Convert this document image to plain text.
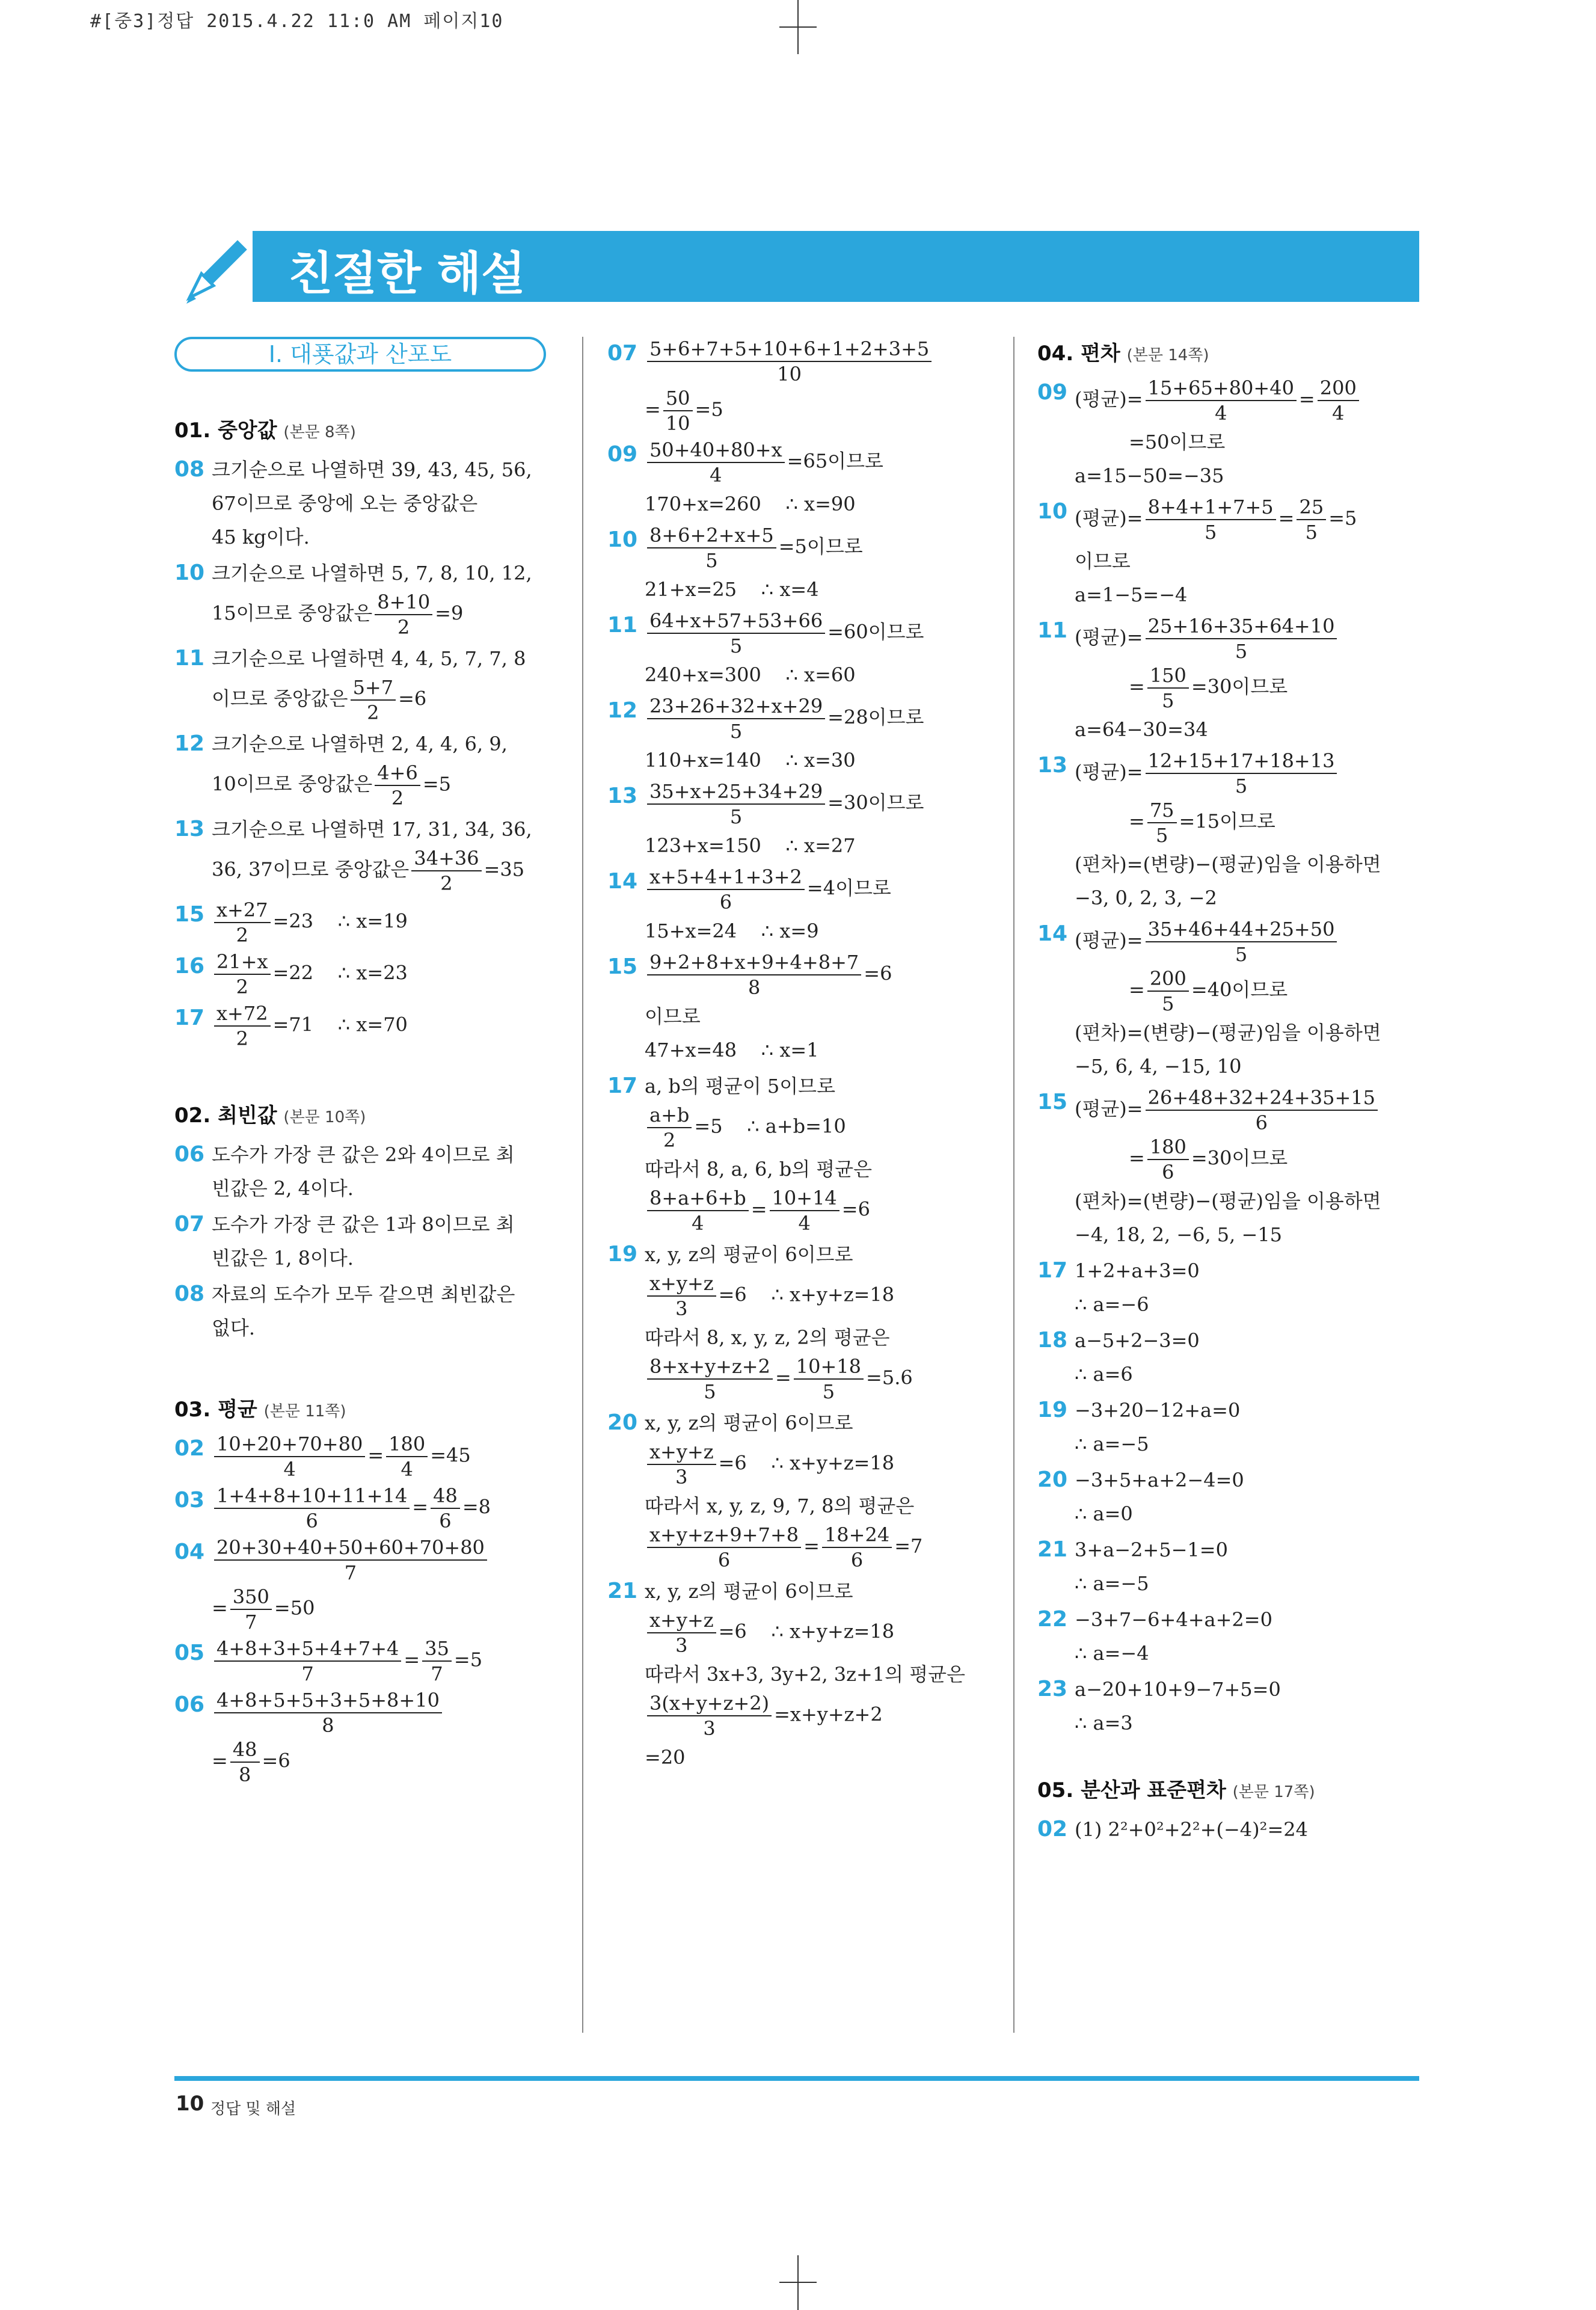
#[중3]정답 2015.4.22 11:0 AM 페이지10
친절한 해설
Ⅰ. 대푯값과 산포도
01. 중앙값 (본문 8쪽)
08 크기순으로 나열하면 39, 43, 45, 56,
67이므로 중앙에 오는 중앙값은
45 kg이다.
10 크기순으로 나열하면 5, 7, 8, 10, 12,
15이므로 중앙값은 $\frac{8+10}{2} =9$
11 크기순으로 나열하면 4, 4, 5, 7, 7, 8
이므로 중앙값은 $\frac{5+7}{2} =6$
12 크기순으로 나열하면 2, 4, 4, 6, 9,
10이므로 중앙값은 $\frac{4+6}{2} =5$
13 크기순으로 나열하면 17, 31, 34, 36,
36, 37이므로 중앙값은 $\frac{34+36}{2} =35$
$15 \frac{x+27}{2} =23$    ∴ x=19
$16 \frac{21+x}{2} =22$    ∴ x=23
$17 \frac{x+72}{2} =71$    ∴ x=70
02. 최빈값 (본문 10쪽)
06 도수가 가장 큰 값은 2와 4이므로 최
빈값은 2, 4이다.
07 도수가 가장 큰 값은 1과 8이므로 최
빈값은 1, 8이다.
08 자료의 도수가 모두 같으면 최빈값은
없다.
03. 평균 (본문 11쪽)
$02 \frac{10+20+70+80}{4} = \frac{180}{4} =45$
$03 \frac{1+4+8+10+11+14}{6} = \frac{48}{6} =8$
$04 \frac{20+30+40+50+60+70+80}{7}$
= $\frac{350}{7} =50$
$05 \frac{4+8+3+5+4+7+4}{7} = \frac{35}{7} =5$
$06 \frac{4+8+5+5+3+5+8+10}{8}$
= $\frac{48}{8} =6$
$07 \frac{5+6+7+5+10+6+1+2+3+5}{10}$
= $\frac{50}{10} =5$
$09 \frac{50+40+80+x}{4} =65$이므로
170+x=260    ∴ x=90
$10 \frac{8+6+2+x+5}{5} =5$이므로
21+x=25    ∴ x=4
$11 \frac{64+x+57+53+66}{5} =60$이므로
240+x=300    ∴ x=60
$12 \frac{23+26+32+x+29}{5} =28$이므로
110+x=140    ∴ x=30
$13 \frac{35+x+25+34+29}{5} =30$이므로
123+x=150    ∴ x=27
$14 \frac{x+5+4+1+3+2}{6} =4$이므로
15+x=24    ∴ x=9
$15 \frac{9+2+8+x+9+4+8+7}{8} =6$
이므로
47+x=48    ∴ x=1
17 a, b의 평균이 5이므로
$\frac{a+b}{2} =5$    ∴ a+b=10
따라서 8, a, 6, b의 평균은
$\frac{8+a+6+b}{4} = \frac{10+14}{4} =6$
19 x, y, z의 평균이 6이므로
$\frac{x+y+z}{3} =6$    ∴ x+y+z=18
따라서 8, x, y, z, 2의 평균은
$\frac{8+x+y+z+2}{5} = \frac{10+18}{5} =5.6$
20 x, y, z의 평균이 6이므로
$\frac{x+y+z}{3} =6$    ∴ x+y+z=18
따라서 x, y, z, 9, 7, 8의 평균은
$\frac{x+y+z+9+7+8}{6} = \frac{18+24}{6} =7$
21 x, y, z의 평균이 6이므로
$\frac{x+y+z}{3} =6$    ∴ x+y+z=18
따라서 3x+3, 3y+2, 3z+1의 평균은
$\frac{3(x+y+z+2)}{3} =x+y+z+2$
=20
04. 편차 (본문 14쪽)
09 (평균)= $\frac{15+65+80+40}{4} = \frac{200}{4}$
=50이므로
a=15−50=−35
10 (평균)= $\frac{8+4+1+7+5}{5} = \frac{25}{5} =5$
이므로
a=1−5=−4
11 (평균)= $\frac{25+16+35+64+10}{5}$
= $\frac{150}{5} =30$이므로
a=64−30=34
13 (평균)= $\frac{12+15+17+18+13}{5}$
= $\frac{75}{5} =15$이므로
(편차)=(변량)−(평균)임을 이용하면
−3, 0, 2, 3, −2
14 (평균)= $\frac{35+46+44+25+50}{5}$
= $\frac{200}{5} =40$이므로
(편차)=(변량)−(평균)임을 이용하면
−5, 6, 4, −15, 10
15 (평균)= $\frac{26+48+32+24+35+15}{6}$
= $\frac{180}{6} =30$이므로
(편차)=(변량)−(평균)임을 이용하면
−4, 18, 2, −6, 5, −15
17 1+2+a+3=0
∴ a=−6
18 a−5+2−3=0
∴ a=6
19 −3+20−12+a=0
∴ a=−5
20 −3+5+a+2−4=0
∴ a=0
21 3+a−2+5−1=0
∴ a=−5
22 −3+7−6+4+a+2=0
∴ a=−4
23 a−20+10+9−7+5=0
∴ a=3
05. 분산과 표준편차 (본문 17쪽)
02 (1) 2²+0²+2²+(−4)²=24
10 정답 및 해설
